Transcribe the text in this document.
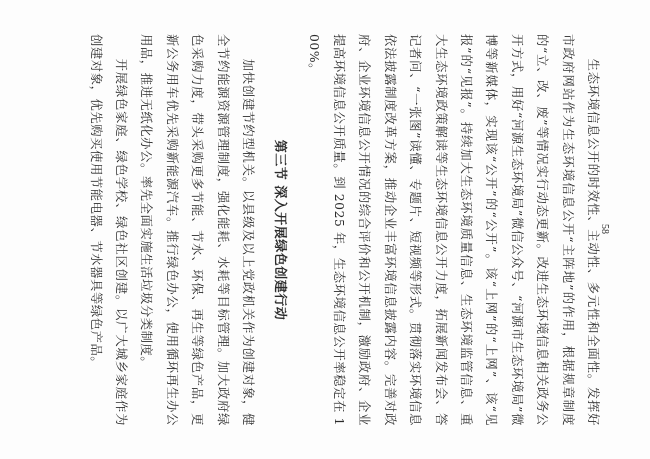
生态环境信息公开的时效性、主动性、多元性和全面性。发挥好市政府网站作为生态环境信息公开“主阵地”的作用，根据规章制度的“立、改、废”等情况实行动态更新。改进生态环境信息相关政务公开方式，用好“河源生态环境局”微信公众号、“河源市生态环境局”微博等新媒体，实现该“公开”的“公开”。该“上网”的“上网”、该“见报”的“见报”。持续加大生态环境质量信息、生态环境监管信息、重大生态环境政策解读等生态环境信息公开力度，拓展新闻发布会、答记者问、“一张图”读懂、专题片、短视频等形式。贯彻落实环境信息依法披露制度改革方案，推动企业丰富环境信息披露内容。完善对政府、企业环境信息公开情况的综合评价和公开机制，激励政府、企业提高环境信息公开质量。到 2025 年，生态环境信息公开率稳定在 100%。

第三节 深入开展绿色创建行动

加快创建节约型机关。以县级及以上党政机关作为创建对象，健全节约能源资源管理制度，强化能耗、水耗等目标管理。加大政府绿色采购力度，带头采购更多节能、节水、环保、再生等绿色产品，更新公务用车优先采购新能源汽车。推行绿色办公，使用循环再生办公用品，推进无纸化办公。率先全面实施生活垃圾分类制度。

开展绿色家庭、绿色学校、绿色社区创建。以广大城乡家庭作为创建对象，优先购买使用节能电器、节水器具等绿色产品。	58
